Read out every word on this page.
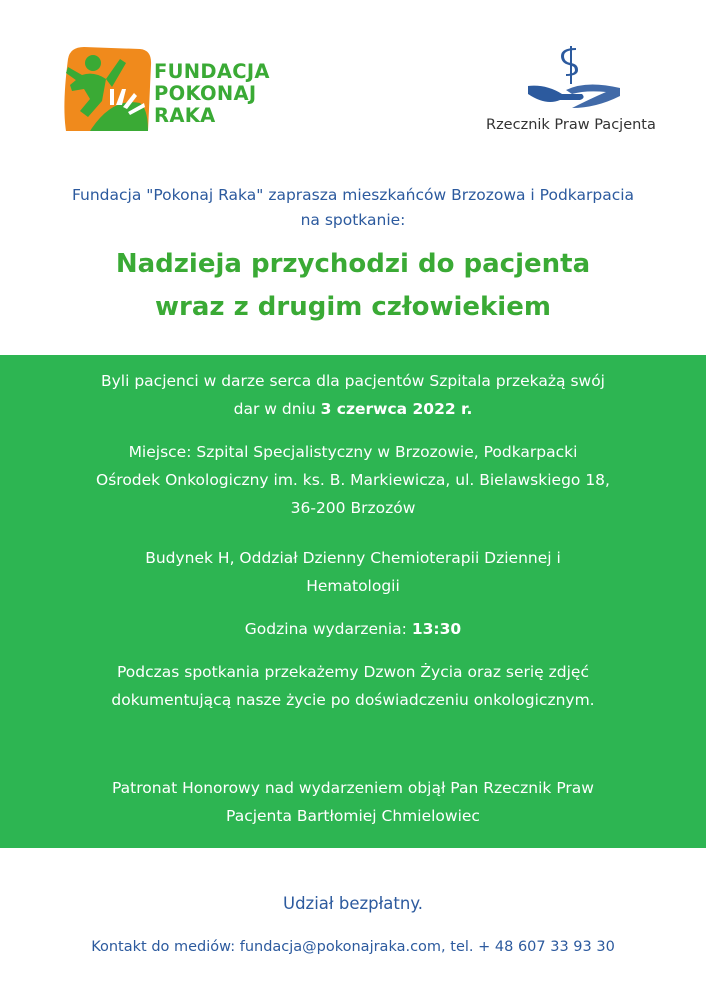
FUNDACJA
POKONAJ
RAKA	Rzecznik Praw Pacjenta
Fundacja "Pokonaj Raka" zaprasza mieszkańców Brzozowa i Podkarpacia
na spotkanie:
Nadzieja przychodzi do pacjenta
wraz z drugim człowiekiem

Byli pacjenci w darze serca dla pacjentów Szpitala przekażą swój
dar w dniu 3 czerwca 2022 r.

Miejsce: Szpital Specjalistyczny w Brzozowie, Podkarpacki
Ośrodek Onkologiczny im. ks. B. Markiewicza, ul. Bielawskiego 18,
36-200 Brzozów

Budynek H, Oddział Dzienny Chemioterapii Dziennej i
Hematologii

Godzina wydarzenia: 13:30

Podczas spotkania przekażemy Dzwon Życia oraz serię zdjęć
dokumentującą nasze życie po doświadczeniu onkologicznym.

Patronat Honorowy nad wydarzeniem objął Pan Rzecznik Praw
Pacjenta Bartłomiej Chmielowiec

Udział bezpłatny.
Kontakt do mediów: fundacja@pokonajraka.com, tel. + 48 607 33 93 30
